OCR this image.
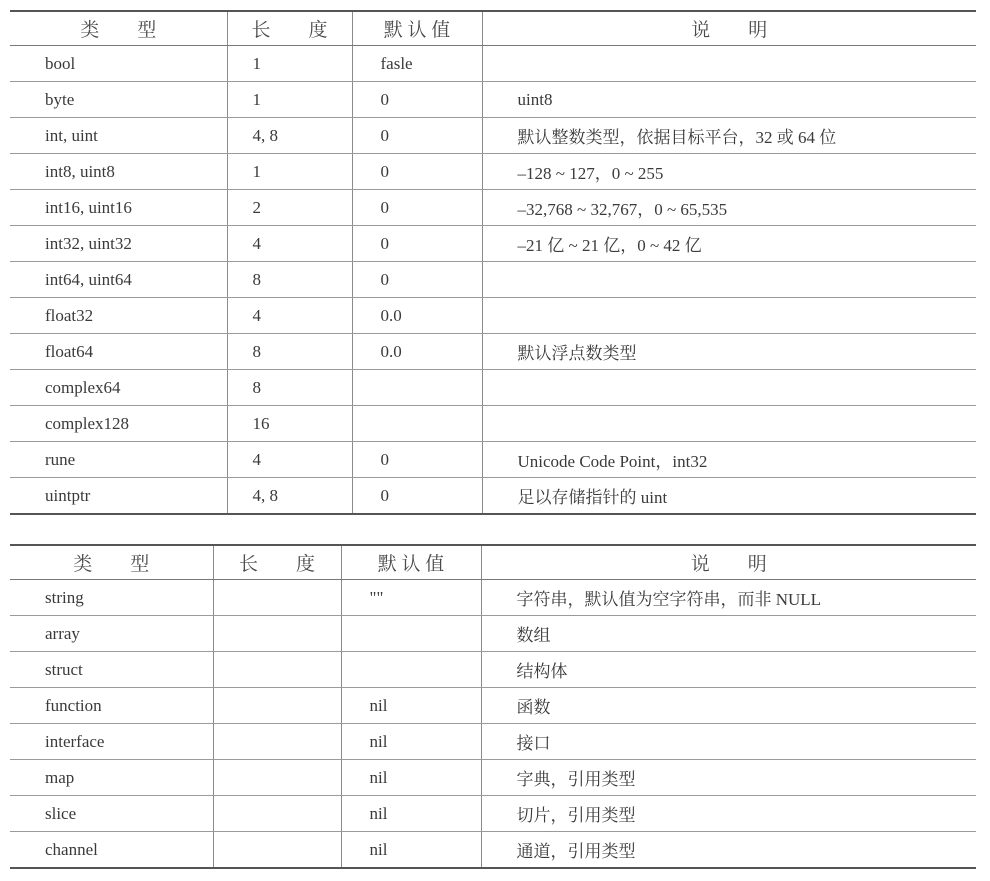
类　　型	长　　度	默 认 值	说　　明
bool	1	fasle	
byte	1	0	uint8
int, uint	4, 8	0	默认整数类型，依据目标平台，32 或 64 位
int8, uint8	1	0	–128 ~ 127，0 ~ 255
int16, uint16	2	0	–32,768 ~ 32,767，0 ~ 65,535
int32, uint32	4	0	–21 亿 ~ 21 亿，0 ~ 42 亿
int64, uint64	8	0	
float32	4	0.0	
float64	8	0.0	默认浮点数类型
complex64	8		
complex128	16		
rune	4	0	Unicode Code Point，int32
uintptr	4, 8	0	足以存储指针的 uint
类　　型	长　　度	默 认 值	说　　明
string		""	字符串，默认值为空字符串，而非 NULL
array			数组
struct			结构体
function		nil	函数
interface		nil	接口
map		nil	字典，引用类型
slice		nil	切片，引用类型
channel		nil	通道，引用类型
